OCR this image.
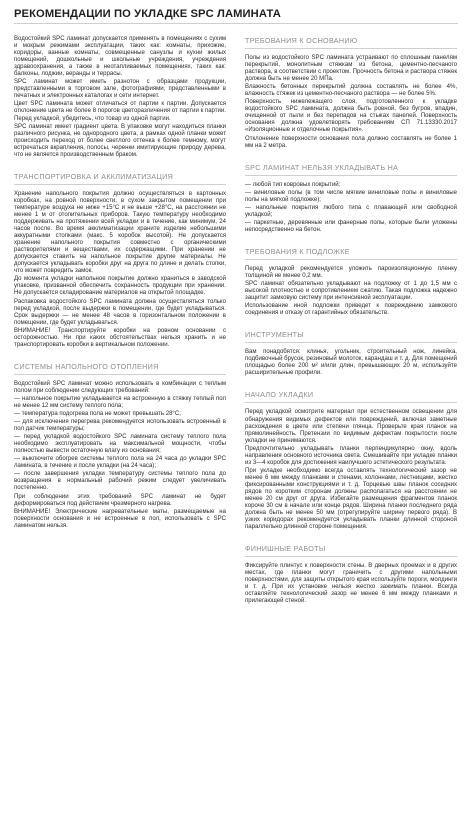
РЕКОМЕНДАЦИИ ПО УКЛАДКЕ SPC ЛАМИНАТА
Водостойкий SPC ламинат допускается применять в помещениях с сухим и мокрым режимами эксплуатации, таких как: комнаты, прихожие, коридоры, ванные комнаты, совмещенные санузлы и кухни жилых помещений, дошкольные и школьные учреждения, учреждения здравоохранения, а также в неотапливаемых помещениях, таких как: балконы, лоджии, веранды и террасы.
SPC ламинат может иметь разнотон с образцами продукции, представленными в торговом зале, фотографиями, представленными в печатных и электронных каталогах и сети интернет.
Цвет SPC ламината может отличаться от партии к партии. Допускается отклонение цвета не более 8 порогов цветоразличения от партии к партии. Перед укладкой, убедитесь, что товар из одной партии.
SPC ламинат имеет градиент цвета. В упаковке могут находиться планки различного рисунка, не однородного цвета, а рамках одной планки может происходить переход от более светлого оттенка к более темному, могут встречаться вкрапления, полосы, черенки имитирующие природу дерева, что не является производственным браком.
ТРАНСПОРТИРОВКА И АККЛИМАТИЗАЦИЯ
Хранение напольного покрытия должно осуществляться в картонных коробках, на ровной поверхности, в сухом закрытом помещении при температуре воздуха не ниже +15°С и не выше +28°С, на расстоянии не менее 1 м от отопительных приборов. Такую температуру необходимо поддерживать на протяжении всей укладки и в течение, как минимум, 24 часов после. Во время акклиматизации храните изделие небольшими аккуратными стопками (макс. 5 коробок высотой). Не допускается хранение напольного покрытия совместно с органическими растворителями и веществами, их содержащими. При хранении не допускается ставить на напольное покрытие другие материалы. Не допускается укладывать коробки друг на друга по длине и делать стопки, что может повредить замок.
До момента укладки напольное покрытие должно храниться в заводской упаковке, призванной обеспечить сохранность продукции при хранении. Не допускается складирование материалов на открытой площадке.
Распаковка водостойкого SPC ламината должна осуществляться только перед укладкой, после выдержки в помещении, где будет укладываться. Срок выдержки — не менее 48 часов в горизонтальном положении в помещении, где будет укладываться.
ВНИМАНИЕ! Транспортируйте коробки на ровном основании с осторожностью. Ни при каких обстоятельствах нельзя хранить и не транспортировать коробки в вертикальном положении.
СИСТЕМЫ НАПОЛЬНОГО ОТОПЛЕНИЯ
Водостойкий SPC ламинат можно использовать в комбинации с теплым полом при соблюдении следующих требований:
— напольное покрытие укладывается на встроенную в стяжку теплый пол не менее 12 мм систему теплого пола;
— температура подогрева пола не может превышать 28°С;
— для исключения перегрева рекомендуется использовать встроенный в пол датчик температуры;
— перед укладкой водостойкого SPC ламината систему теплого пола необходимо эксплуатировать на максимальной мощности, чтобы полностью вывести остаточную влагу из основания;
— выключите обогрев системы теплого пола на 24 часа до укладки SPC ламината, в течение и после укладки (на 24 часа);
— после завершения укладки температуру системы теплого пола до возвращения в нормальный рабочий режим следует увеличивать постепенно.
При соблюдении этих требований SPC ламинат не будет деформироваться под действием чрезмерного нагрева.
ВНИМАНИЕ! Электрические нагревательные маты, размещаемые на поверхности основания и не встроенные в пол, использовать с SPC ламинатом нельзя.
ТРЕБОВАНИЯ К ОСНОВАНИЮ
Полы из водостойкого SPC ламината устраивают по сплошным панелям перекрытий, монолитным стяжкам из бетона, цементно-песчаного раствора, в соответствии с проектом. Прочность бетона и раствора стяжек должна быть не менее 20 МПа.
Влажность бетонных перекрытий должна составлять не более 4%, влажность стяжек из цементно-песчаного раствора — не более 5%.
Поверхность нижележащего слоя, подготовленного к укладке водостойкого SPC ламината, должна быть ровной, без бугров, впадин, очищенной от пыли и без перепадов на стыках панелей. Поверхность основания должна удовлетворять требованиям СП 71.13330.2017 «Изоляционные и отделочные покрытия».
Отклонение поверхности основания пола должно составлять не более 1 мм на 2 метра.
SPC ЛАМИНАТ НЕЛЬЗЯ УКЛАДЫВАТЬ НА
— любой тип ковровых покрытий;
— виниловые полы (в том числе мягкие виниловые полы и виниловые полы на мягкой подложке);
— напольные покрытия любого типа с плавающей или свободной укладкой;
— паркетные, деревянные или фанерные полы, которые были уложены непосредственно на бетон.
ТРЕБОВАНИЯ К ПОДЛОЖКЕ
Перед укладкой рекомендуется уложить пароизоляционную пленку толщиной не менее 0,2 мм.
SPC ламинат обязательно укладывают на подложку от 1 до 1,5 мм с высокой плотностью и сопротивлением сжатию. Такая подложка надежно защитит замковую систему при интенсивной эксплуатации.
Использование иной подложки приведет к повреждению замкового соединения и отказу от гарантийных обязательств.
ИНСТРУМЕНТЫ
Вам понадобятся: клинья, угольник, строительный нож, линейка, подбивочный брусок, резиновый молоток, карандаш и т. д. Для помещений площадью более 200 м² и/или длин, превышающих 20 м, используйте расширительные профили.
НАЧАЛО УКЛАДКИ
Перед укладкой осмотрите материал при естественном освещении для обнаружения видимых дефектов или повреждений, включая заметные расхождения в цвете или степени глянца. Проверьте края планок на прямолинейность. Претензии по видимым дефектам покрытости после укладки не принимаются.
Предпочтительно укладывать планки перпендикулярно окну, вдоль направления основного источника света. Смешивайте при укладке планки из 3—4 коробок для достижения наилучшего эстетического результата.
При укладке необходимо всегда оставлять технологический зазор не менее 6 мм между планками и стенами, колоннами, лестницами, жестко фиксированными конструкциями и т. д. Торцевые швы планок соседних рядов по коротким сторонам должны располагаться на расстоянии не менее 20 см друг от друга. Избегайте размещения фрагментов планок короче 30 см в начале или конце рядов. Ширина планки последнего ряда должна быть не менее 50 мм (отрегулируйте ширину первого ряда). В узких коридорах рекомендуется укладывать планки длинной стороной параллельно длинной стороне помещения.
ФИНИШНЫЕ РАБОТЫ
Фиксируйте плинтус к поверхности стены. В дверных проемах и в других местах, где планки могут граничить с другими напольными поверхностями, для защиты открытого края используйте пороги, молдинги и т. д. При их установке нельзя жестко зажимать планки. Всегда оставляйте технологический зазор не менее 6 мм между планками и прилегающей стеной.
